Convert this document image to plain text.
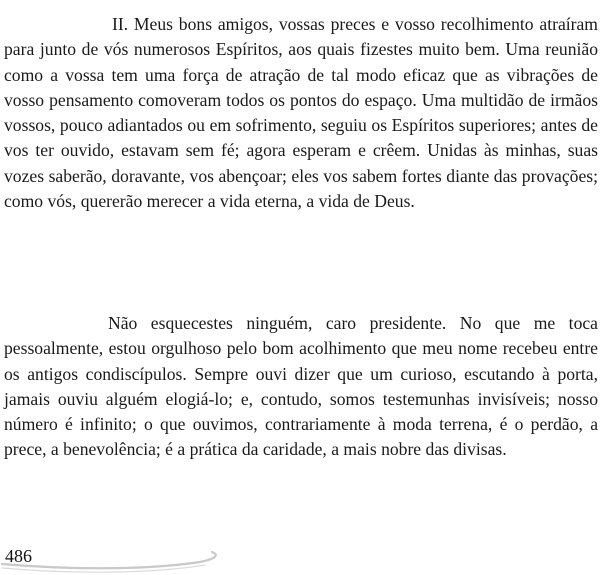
II. Meus bons amigos, vossas preces e vosso recolhimento atraíram para junto de vós numerosos Espíritos, aos quais fizestes muito bem. Uma reunião como a vossa tem uma força de atração de tal modo eficaz que as vibrações de vosso pensamento comoveram todos os pontos do espaço. Uma multidão de irmãos vossos, pouco adiantados ou em sofrimento, seguiu os Espíritos superiores; antes de vos ter ouvido, estavam sem fé; agora esperam e crêem. Unidas às minhas, suas vozes saberão, doravante, vos abençoar; eles vos sabem fortes diante das provações; como vós, quererão merecer a vida eterna, a vida de Deus.

Não esquecestes ninguém, caro presidente. No que me toca pessoalmente, estou orgulhoso pelo bom acolhimento que meu nome recebeu entre os antigos condiscípulos. Sempre ouvi dizer que um curioso, escutando à porta, jamais ouviu alguém elogiá-lo; e, contudo, somos testemunhas invisíveis; nosso número é infinito; o que ouvimos, contrariamente à moda terrena, é o perdão, a prece, a benevolência; é a prática da caridade, a mais nobre das divisas.

486
